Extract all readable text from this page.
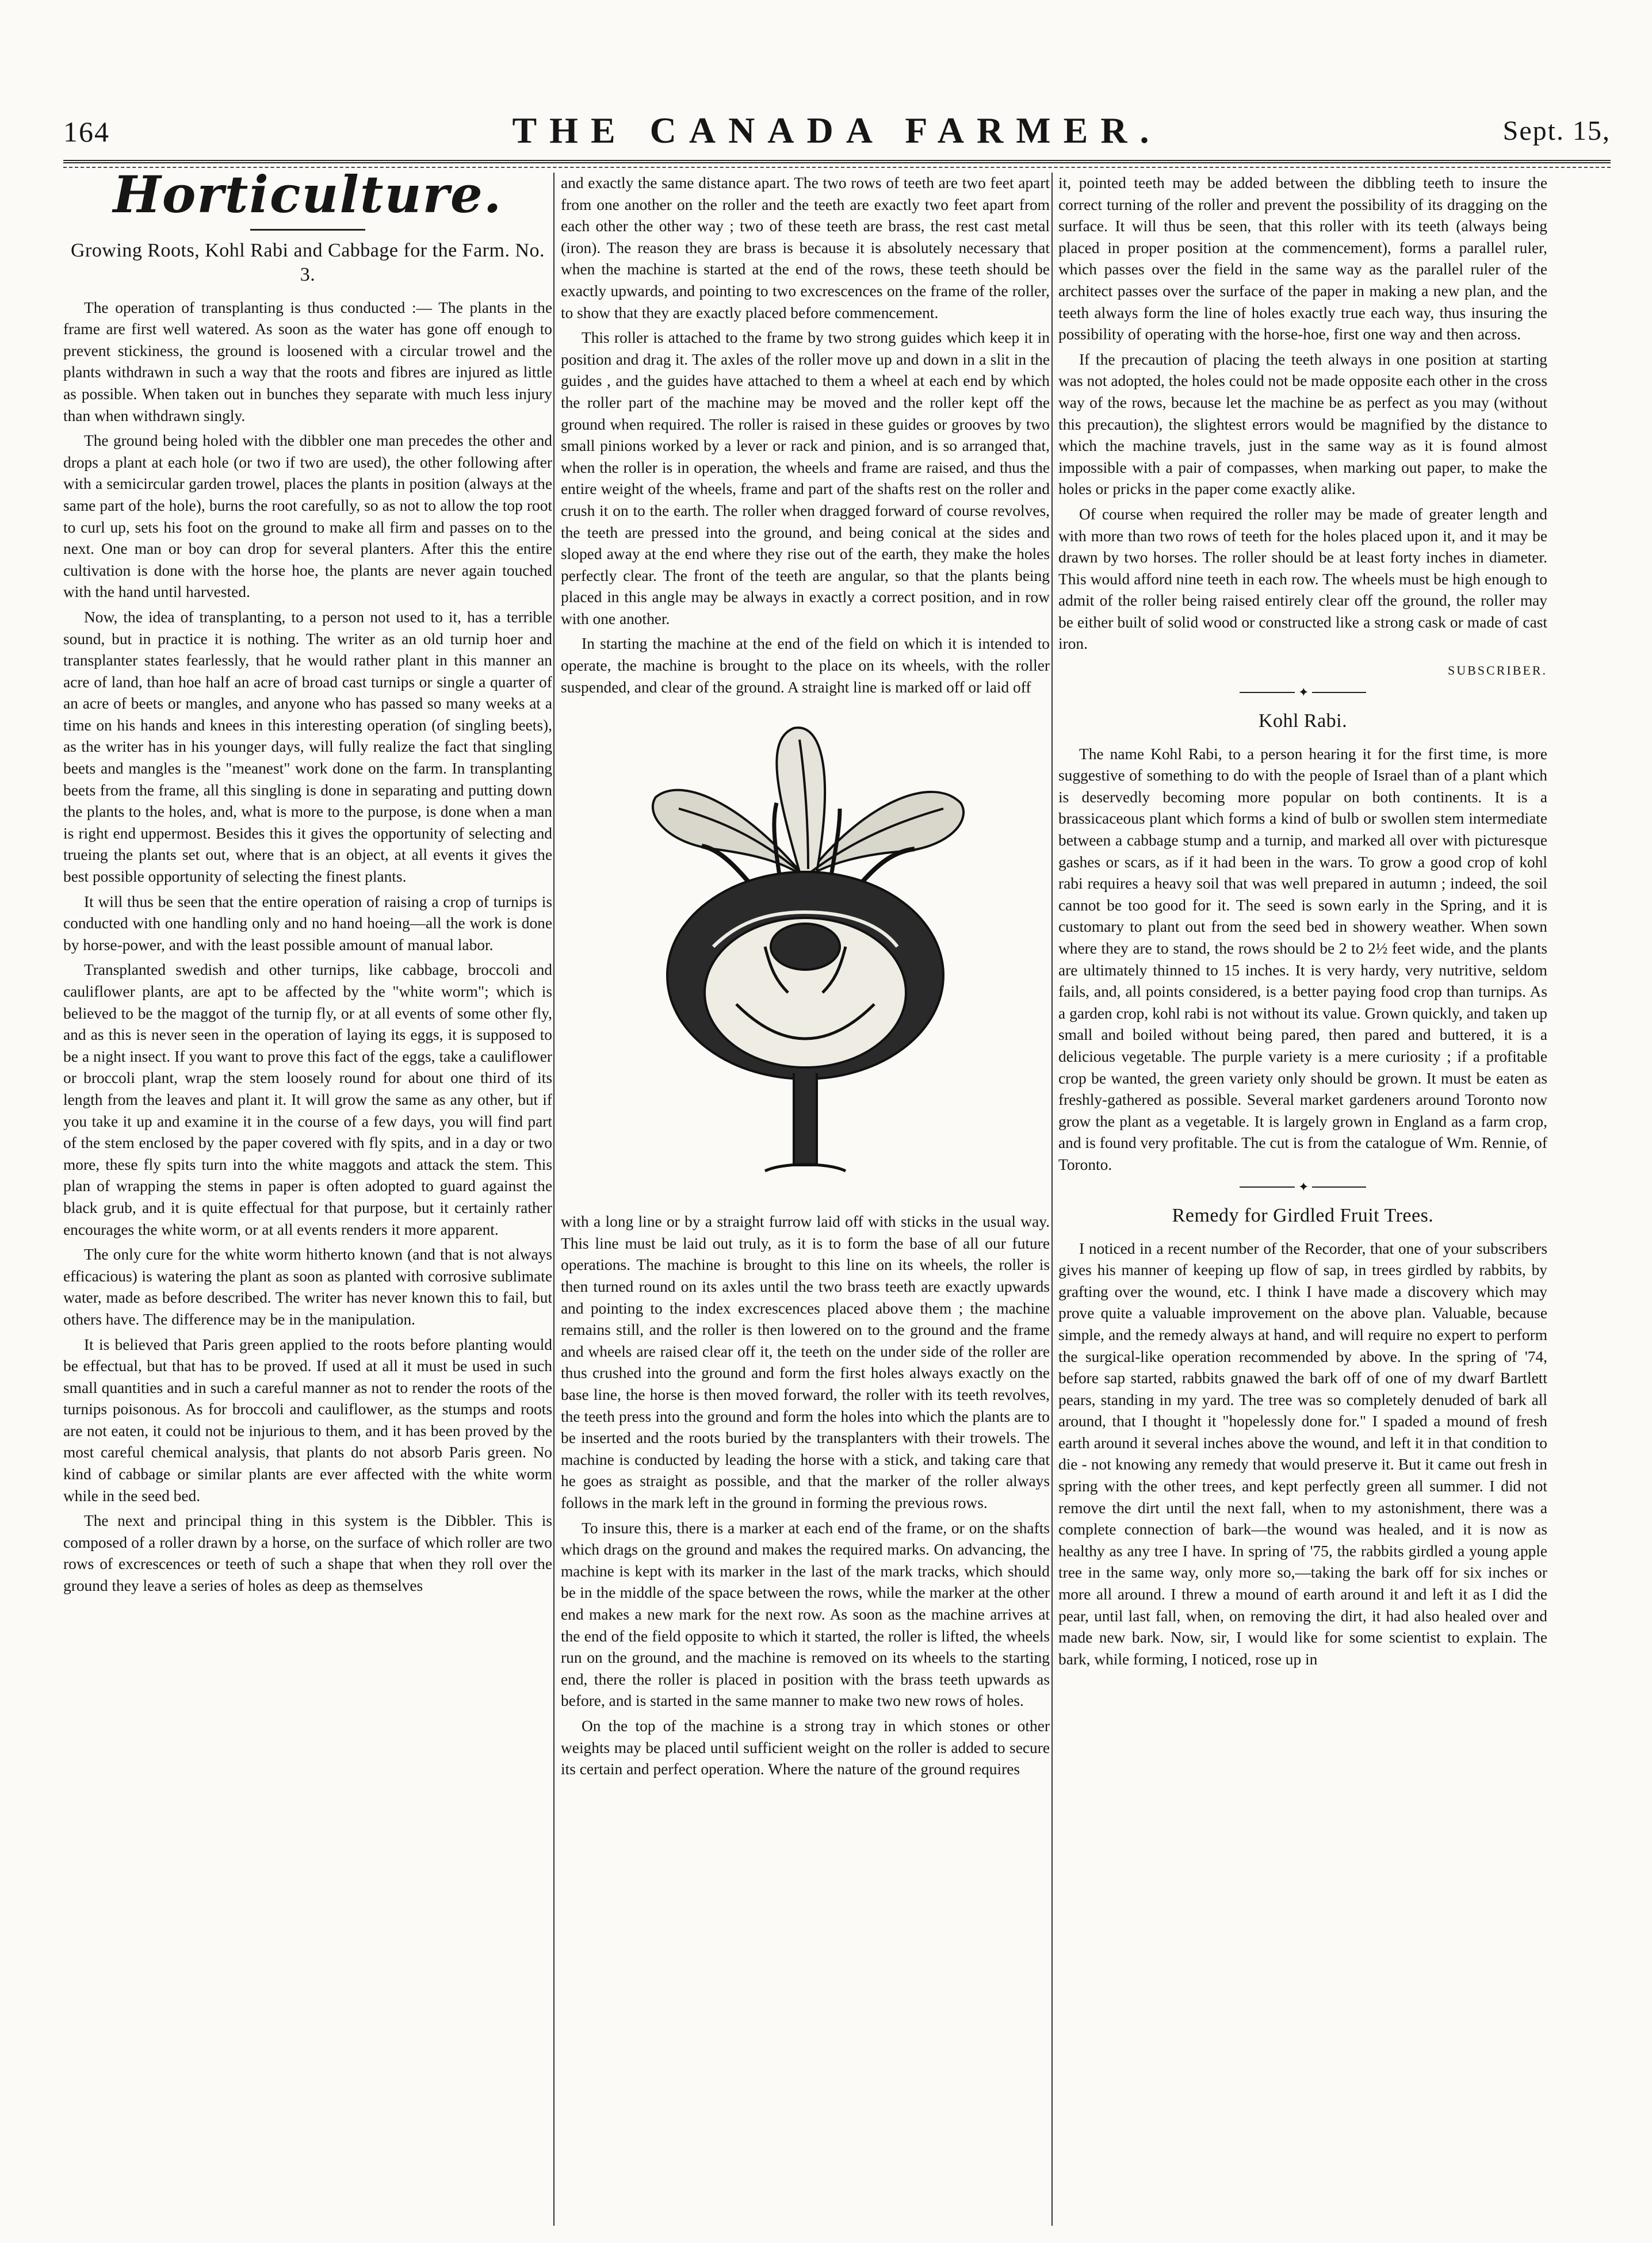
164	THE CANADA FARMER.	Sept. 15,
Horticulture.
Growing Roots, Kohl Rabi and Cabbage for the Farm. No. 3.

The operation of transplanting is thus conducted :— The plants in the frame are first well watered. As soon as the water has gone off enough to prevent stickiness, the ground is loosened with a circular trowel and the plants withdrawn in such a way that the roots and fibres are injured as little as possible. When taken out in bunches they separate with much less injury than when withdrawn singly.

The ground being holed with the dibbler one man precedes the other and drops a plant at each hole (or two if two are used), the other following after with a semicircular garden trowel, places the plants in position (always at the same part of the hole), burns the root carefully, so as not to allow the top root to curl up, sets his foot on the ground to make all firm and passes on to the next. One man or boy can drop for several planters. After this the entire cultivation is done with the horse hoe, the plants are never again touched with the hand until harvested.

Now, the idea of transplanting, to a person not used to it, has a terrible sound, but in practice it is nothing. The writer as an old turnip hoer and transplanter states fearlessly, that he would rather plant in this manner an acre of land, than hoe half an acre of broad cast turnips or single a quarter of an acre of beets or mangles, and anyone who has passed so many weeks at a time on his hands and knees in this interesting operation (of singling beets), as the writer has in his younger days, will fully realize the fact that singling beets and mangles is the "meanest" work done on the farm. In transplanting beets from the frame, all this singling is done in separating and putting down the plants to the holes, and, what is more to the purpose, is done when a man is right end uppermost. Besides this it gives the opportunity of selecting and trueing the plants set out, where that is an object, at all events it gives the best possible opportunity of selecting the finest plants.

It will thus be seen that the entire operation of raising a crop of turnips is conducted with one handling only and no hand hoeing—all the work is done by horse-power, and with the least possible amount of manual labor.

Transplanted swedish and other turnips, like cabbage, broccoli and cauliflower plants, are apt to be affected by the "white worm"; which is believed to be the maggot of the turnip fly, or at all events of some other fly, and as this is never seen in the operation of laying its eggs, it is supposed to be a night insect. If you want to prove this fact of the eggs, take a cauliflower or broccoli plant, wrap the stem loosely round for about one third of its length from the leaves and plant it. It will grow the same as any other, but if you take it up and examine it in the course of a few days, you will find part of the stem enclosed by the paper covered with fly spits, and in a day or two more, these fly spits turn into the white maggots and attack the stem. This plan of wrapping the stems in paper is often adopted to guard against the black grub, and it is quite effectual for that purpose, but it certainly rather encourages the white worm, or at all events renders it more apparent.

The only cure for the white worm hitherto known (and that is not always efficacious) is watering the plant as soon as planted with corrosive sublimate water, made as before described. The writer has never known this to fail, but others have. The difference may be in the manipulation.

It is believed that Paris green applied to the roots before planting would be effectual, but that has to be proved. If used at all it must be used in such small quantities and in such a careful manner as not to render the roots of the turnips poisonous. As for broccoli and cauliflower, as the stumps and roots are not eaten, it could not be injurious to them, and it has been proved by the most careful chemical analysis, that plants do not absorb Paris green. No kind of cabbage or similar plants are ever affected with the white worm while in the seed bed.

The next and principal thing in this system is the Dibbler. This is composed of a roller drawn by a horse, on the surface of which roller are two rows of excrescences or teeth of such a shape that when they roll over the ground they leave a series of holes as deep as themselves

and exactly the same distance apart. The two rows of teeth are two feet apart from one another on the roller and the teeth are exactly two feet apart from each other the other way ; two of these teeth are brass, the rest cast metal (iron). The reason they are brass is because it is absolutely necessary that when the machine is started at the end of the rows, these teeth should be exactly upwards, and pointing to two excrescences on the frame of the roller, to show that they are exactly placed before commencement.

This roller is attached to the frame by two strong guides which keep it in position and drag it. The axles of the roller move up and down in a slit in the guides , and the guides have attached to them a wheel at each end by which the roller part of the machine may be moved and the roller kept off the ground when required. The roller is raised in these guides or grooves by two small pinions worked by a lever or rack and pinion, and is so arranged that, when the roller is in operation, the wheels and frame are raised, and thus the entire weight of the wheels, frame and part of the shafts rest on the roller and crush it on to the earth. The roller when dragged forward of course revolves, the teeth are pressed into the ground, and being conical at the sides and sloped away at the end where they rise out of the earth, they make the holes perfectly clear. The front of the teeth are angular, so that the plants being placed in this angle may be always in exactly a correct position, and in row with one another.

In starting the machine at the end of the field on which it is intended to operate, the machine is brought to the place on its wheels, with the roller suspended, and clear of the ground. A straight line is marked off or laid off

with a long line or by a straight furrow laid off with sticks in the usual way. This line must be laid out truly, as it is to form the base of all our future operations. The machine is brought to this line on its wheels, the roller is then turned round on its axles until the two brass teeth are exactly upwards and pointing to the index excrescences placed above them ; the machine remains still, and the roller is then lowered on to the ground and the frame and wheels are raised clear off it, the teeth on the under side of the roller are thus crushed into the ground and form the first holes always exactly on the base line, the horse is then moved forward, the roller with its teeth revolves, the teeth press into the ground and form the holes into which the plants are to be inserted and the roots buried by the transplanters with their trowels. The machine is conducted by leading the horse with a stick, and taking care that he goes as straight as possible, and that the marker of the roller always follows in the mark left in the ground in forming the previous rows.

To insure this, there is a marker at each end of the frame, or on the shafts which drags on the ground and makes the required marks. On advancing, the machine is kept with its marker in the last of the mark tracks, which should be in the middle of the space between the rows, while the marker at the other end makes a new mark for the next row. As soon as the machine arrives at the end of the field opposite to which it started, the roller is lifted, the wheels run on the ground, and the machine is removed on its wheels to the starting end, there the roller is placed in position with the brass teeth upwards as before, and is started in the same manner to make two new rows of holes.

On the top of the machine is a strong tray in which stones or other weights may be placed until sufficient weight on the roller is added to secure its certain and perfect operation. Where the nature of the ground requires

it, pointed teeth may be added between the dibbling teeth to insure the correct turning of the roller and prevent the possibility of its dragging on the surface. It will thus be seen, that this roller with its teeth (always being placed in proper position at the commencement), forms a parallel ruler, which passes over the field in the same way as the parallel ruler of the architect passes over the surface of the paper in making a new plan, and the teeth always form the line of holes exactly true each way, thus insuring the possibility of operating with the horse-hoe, first one way and then across.

If the precaution of placing the teeth always in one position at starting was not adopted, the holes could not be made opposite each other in the cross way of the rows, because let the machine be as perfect as you may (without this precaution), the slightest errors would be magnified by the distance to which the machine travels, just in the same way as it is found almost impossible with a pair of compasses, when marking out paper, to make the holes or pricks in the paper come exactly alike.

Of course when required the roller may be made of greater length and with more than two rows of teeth for the holes placed upon it, and it may be drawn by two horses. The roller should be at least forty inches in diameter. This would afford nine teeth in each row. The wheels must be high enough to admit of the roller being raised entirely clear off the ground, the roller may be either built of solid wood or constructed like a strong cask or made of cast iron.

SUBSCRIBER.
✦
Kohl Rabi.

The name Kohl Rabi, to a person hearing it for the first time, is more suggestive of something to do with the people of Israel than of a plant which is deservedly becoming more popular on both continents. It is a brassicaceous plant which forms a kind of bulb or swollen stem intermediate between a cabbage stump and a turnip, and marked all over with picturesque gashes or scars, as if it had been in the wars. To grow a good crop of kohl rabi requires a heavy soil that was well prepared in autumn ; indeed, the soil cannot be too good for it. The seed is sown early in the Spring, and it is customary to plant out from the seed bed in showery weather. When sown where they are to stand, the rows should be 2 to 2½ feet wide, and the plants are ultimately thinned to 15 inches. It is very hardy, very nutritive, seldom fails, and, all points considered, is a better paying food crop than turnips. As a garden crop, kohl rabi is not without its value. Grown quickly, and taken up small and boiled without being pared, then pared and buttered, it is a delicious vegetable. The purple variety is a mere curiosity ; if a profitable crop be wanted, the green variety only should be grown. It must be eaten as freshly-gathered as possible. Several market gardeners around Toronto now grow the plant as a vegetable. It is largely grown in England as a farm crop, and is found very profitable. The cut is from the catalogue of Wm. Rennie, of Toronto.

✦
Remedy for Girdled Fruit Trees.

I noticed in a recent number of the Recorder, that one of your subscribers gives his manner of keeping up flow of sap, in trees girdled by rabbits, by grafting over the wound, etc. I think I have made a discovery which may prove quite a valuable improvement on the above plan. Valuable, because simple, and the remedy always at hand, and will require no expert to perform the surgical-like operation recommended by above. In the spring of '74, before sap started, rabbits gnawed the bark off of one of my dwarf Bartlett pears, standing in my yard. The tree was so completely denuded of bark all around, that I thought it "hopelessly done for." I spaded a mound of fresh earth around it several inches above the wound, and left it in that condition to die - not knowing any remedy that would preserve it. But it came out fresh in spring with the other trees, and kept perfectly green all summer. I did not remove the dirt until the next fall, when to my astonishment, there was a complete connection of bark—the wound was healed, and it is now as healthy as any tree I have. In spring of '75, the rabbits girdled a young apple tree in the same way, only more so,—taking the bark off for six inches or more all around. I threw a mound of earth around it and left it as I did the pear, until last fall, when, on removing the dirt, it had also healed over and made new bark. Now, sir, I would like for some scientist to explain. The bark, while forming, I noticed, rose up in
